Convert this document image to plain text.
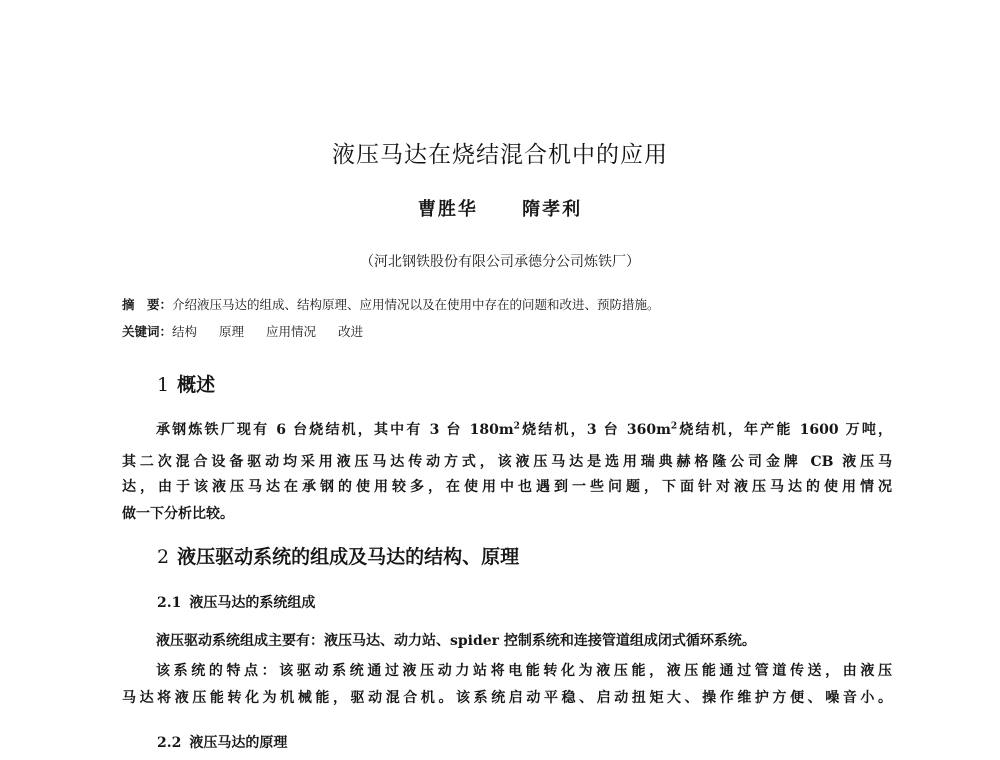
液压马达在烧结混合机中的应用
曹胜华 隋孝利
（河北钢铁股份有限公司承德分公司炼铁厂）
摘　要：介绍液压马达的组成、结构原理、应用情况以及在使用中存在的问题和改进、预防措施。
关键词：结构 原理 应用情况 改进
1 概述
承钢炼铁厂现有 6 台烧结机，其中有 3 台 $180m^2$烧结机，3 台 $360m^2$烧结机，年产能 1600 万吨，
其二次混合设备驱动均采用液压马达传动方式，该液压马达是选用瑞典赫格隆公司金牌 CB 液压马
达，由于该液压马达在承钢的使用较多，在使用中也遇到一些问题，下面针对液压马达的使用情况
做一下分析比较。
2 液压驱动系统的组成及马达的结构、原理
2.1 液压马达的系统组成
液压驱动系统组成主要有：液压马达、动力站、spider 控制系统和连接管道组成闭式循环系统。
该系统的特点：该驱动系统通过液压动力站将电能转化为液压能，液压能通过管道传送，由液压
马达将液压能转化为机械能，驱动混合机。该系统启动平稳、启动扭矩大、操作维护方便、噪音小。
2.2 液压马达的原理
